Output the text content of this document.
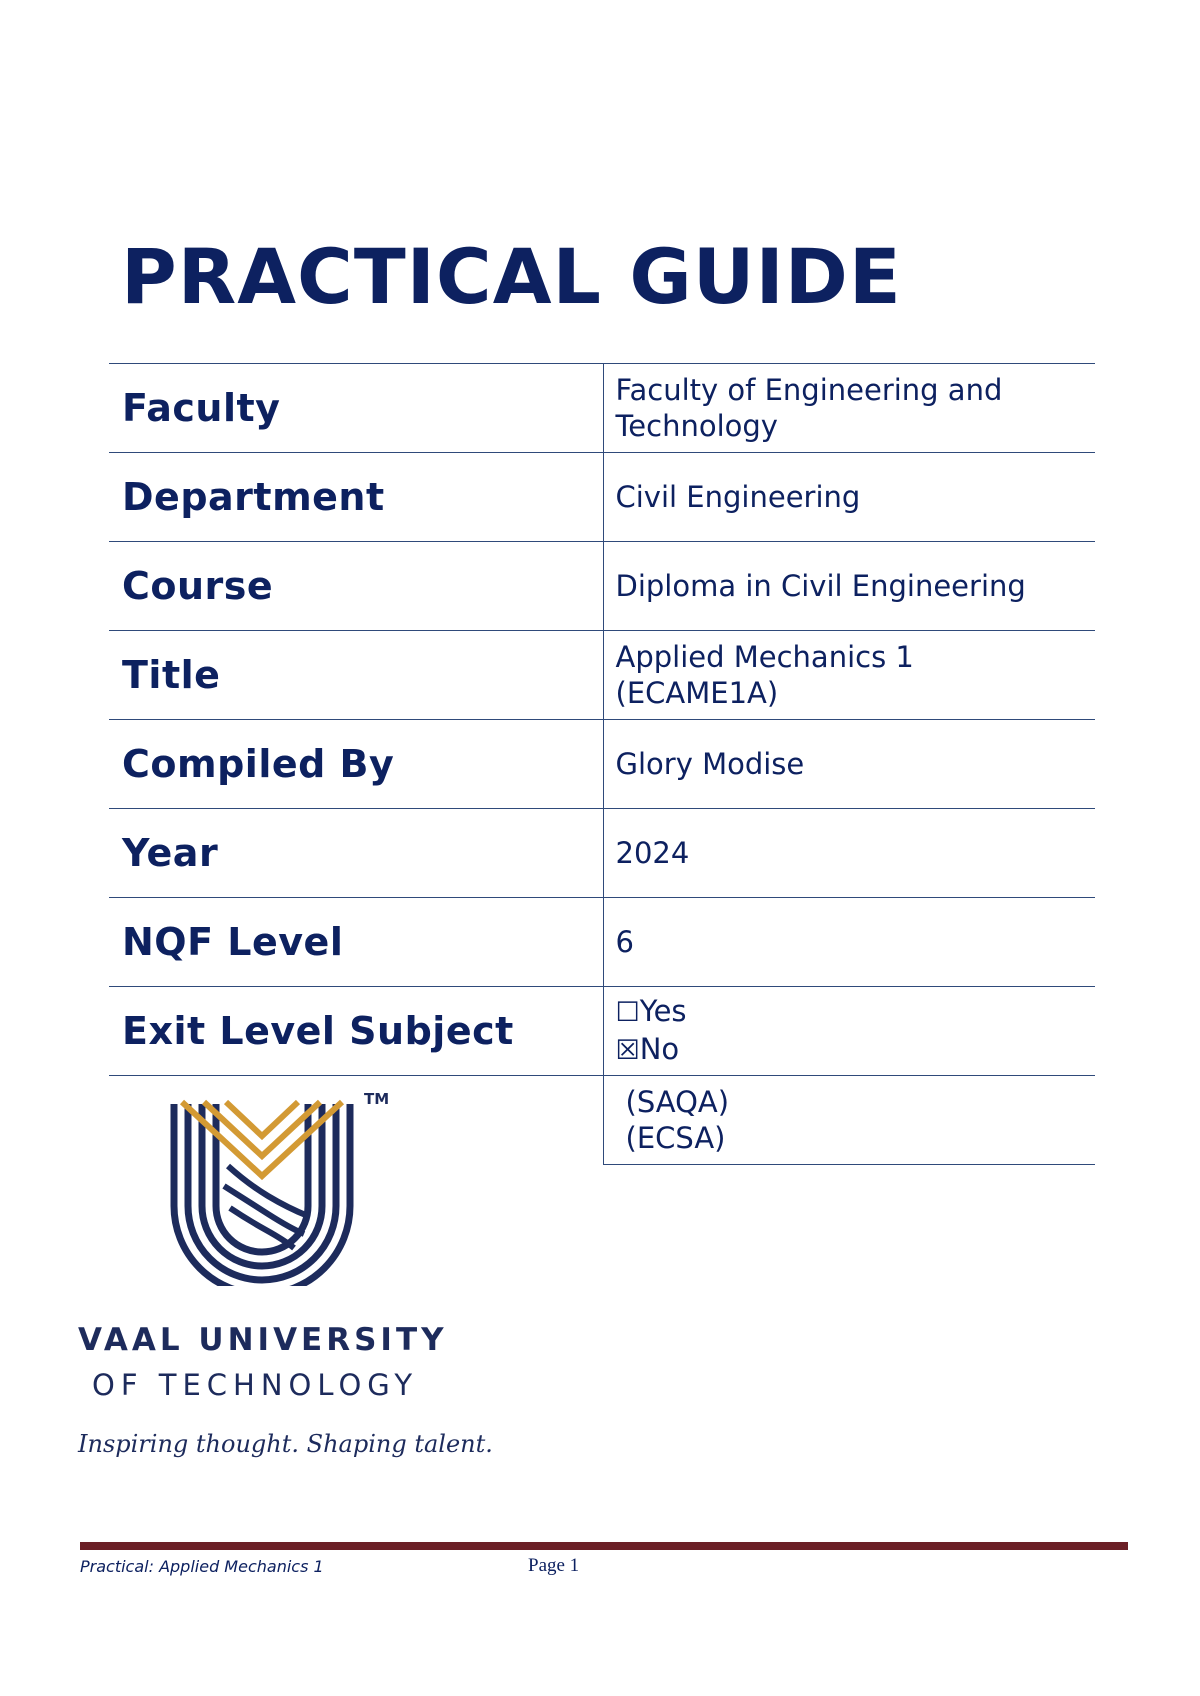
PRACTICAL GUIDE
Faculty	Faculty of Engineering and Technology
Department	Civil Engineering
Course	Diploma in Civil Engineering
Title	Applied Mechanics 1 (ECAME1A)
Compiled By	Glory Modise
Year	2024
NQF Level	6
Exit Level Subject	☐Yes
☒No

	(SAQA)
(ECSA)
TM
VAAL UNIVERSITY
OF TECHNOLOGY
Inspiring thought. Shaping talent.
Practical: Applied Mechanics 1	Page 1
